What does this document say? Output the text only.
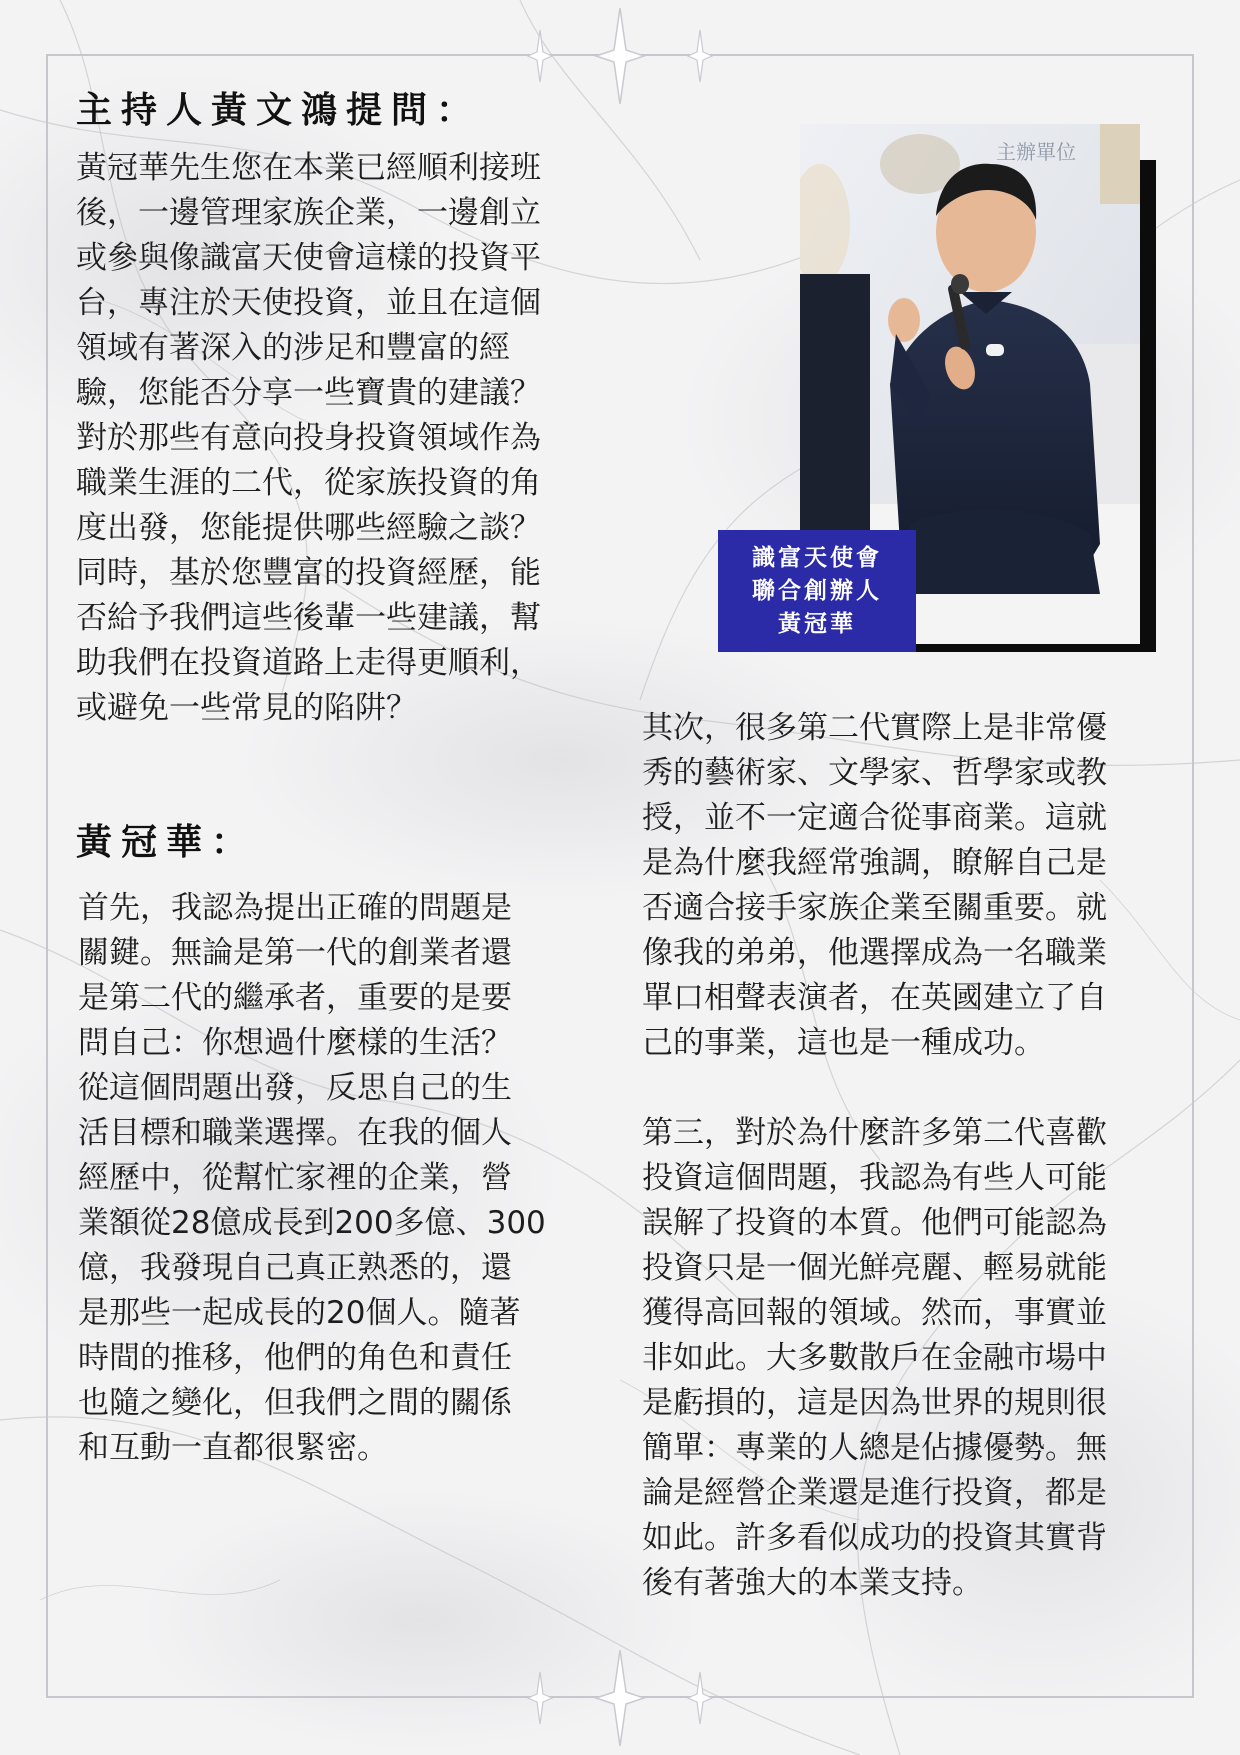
主持人黃文鴻提問：
黃冠華先生您在本業已經順利接班
後，一邊管理家族企業，一邊創立
或參與像識富天使會這樣的投資平
台，專注於天使投資，並且在這個
領域有著深入的涉足和豐富的經
驗，您能否分享一些寶貴的建議？
對於那些有意向投身投資領域作為
職業生涯的二代，從家族投資的角
度出發，您能提供哪些經驗之談？
同時，基於您豐富的投資經歷，能
否給予我們這些後輩一些建議，幫
助我們在投資道路上走得更順利，
或避免一些常見的陷阱？
黃冠華：
首先，我認為提出正確的問題是
關鍵。無論是第一代的創業者還
是第二代的繼承者，重要的是要
問自己：你想過什麼樣的生活？
從這個問題出發，反思自己的生
活目標和職業選擇。在我的個人
經歷中，從幫忙家裡的企業，營
業額從28億成長到200多億、300
億，我發現自己真正熟悉的，還
是那些一起成長的20個人。隨著
時間的推移，他們的角色和責任
也隨之變化，但我們之間的關係
和互動一直都很緊密。
主辦單位
識富天使會
聯合創辦人
黃冠華
其次，很多第二代實際上是非常優
秀的藝術家、文學家、哲學家或教
授，並不一定適合從事商業。這就
是為什麼我經常強調，瞭解自己是
否適合接手家族企業至關重要。就
像我的弟弟，他選擇成為一名職業
單口相聲表演者，在英國建立了自
己的事業，這也是一種成功。
第三，對於為什麼許多第二代喜歡
投資這個問題，我認為有些人可能
誤解了投資的本質。他們可能認為
投資只是一個光鮮亮麗、輕易就能
獲得高回報的領域。然而，事實並
非如此。大多數散戶在金融市場中
是虧損的，這是因為世界的規則很
簡單：專業的人總是佔據優勢。無
論是經營企業還是進行投資，都是
如此。許多看似成功的投資其實背
後有著強大的本業支持。
